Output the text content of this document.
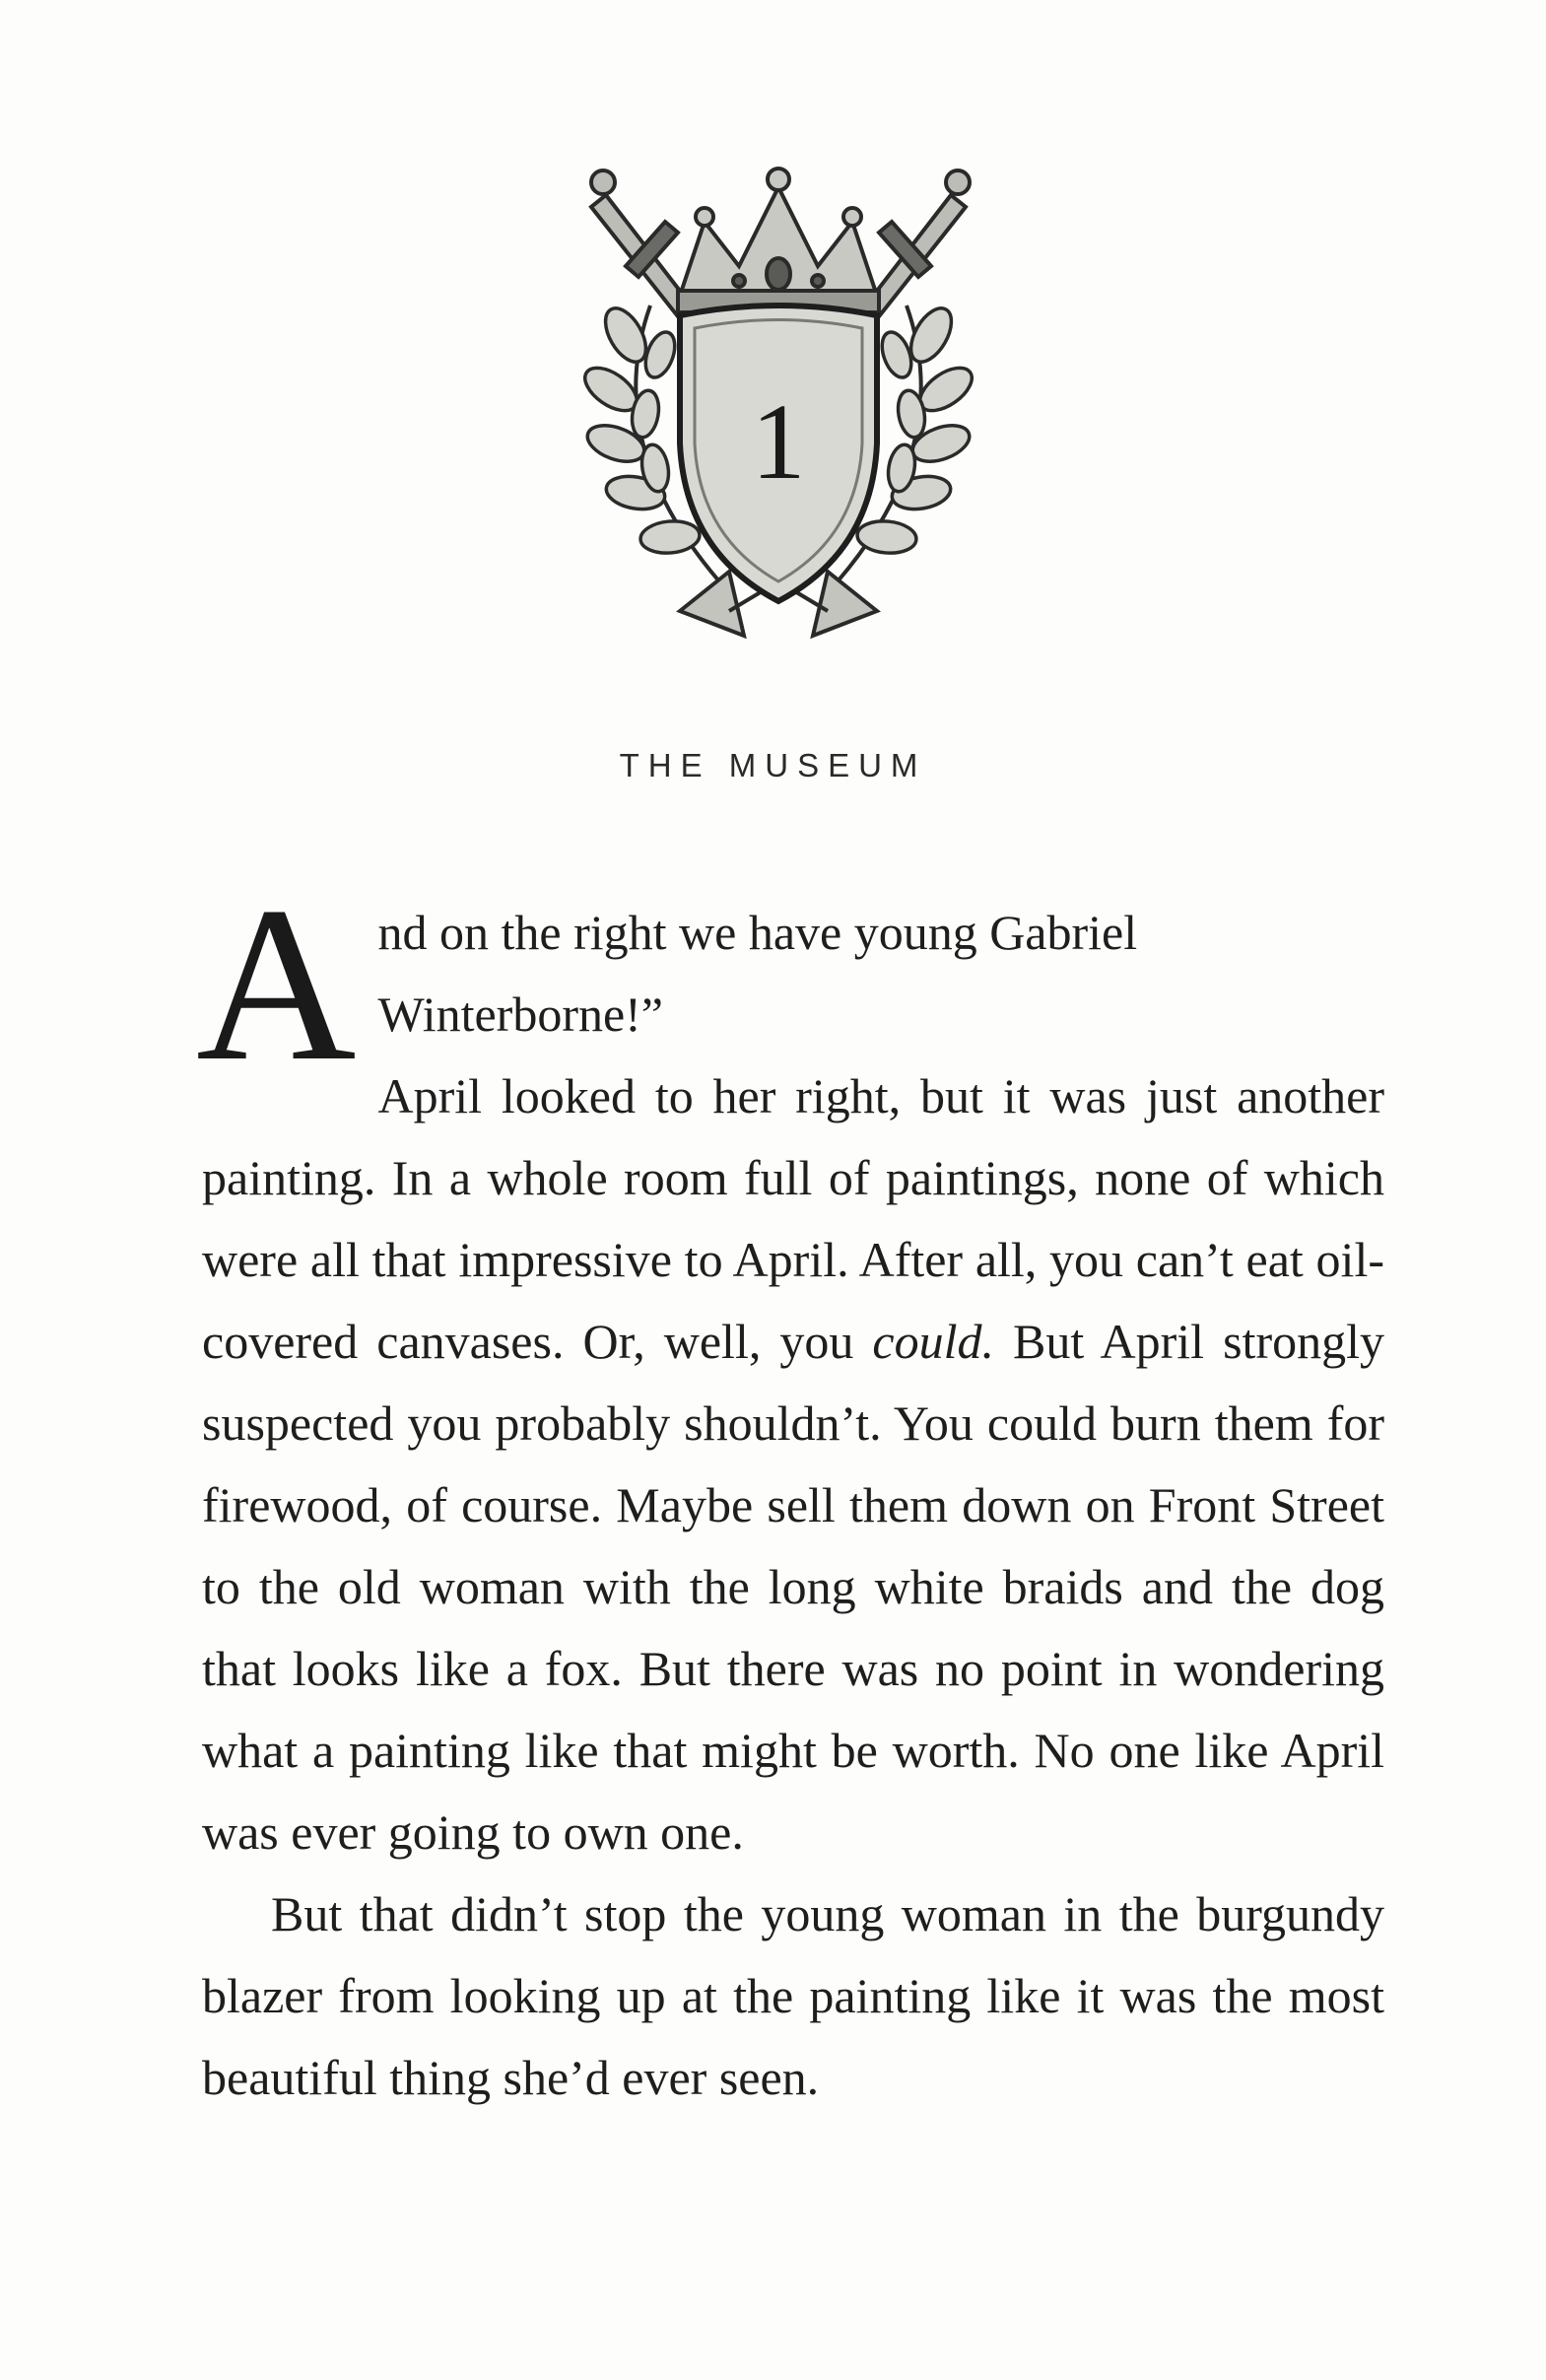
1
THE MUSEUM

A nd on the right we have young Gabriel Winterborne!”

April looked to her right, but it was just another painting. In a whole room full of paintings, none of which were all that impressive to April. After all, you can’t eat oil-covered canvases. Or, well, you could. But April strongly suspected you probably shouldn’t. You could burn them for firewood, of course. Maybe sell them down on Front Street to the old woman with the long white braids and the dog that looks like a fox. But there was no point in wondering what a painting like that might be worth. No one like April was ever going to own one.

But that didn’t stop the young woman in the burgundy blazer from looking up at the painting like it was the most beautiful thing she’d ever seen.
